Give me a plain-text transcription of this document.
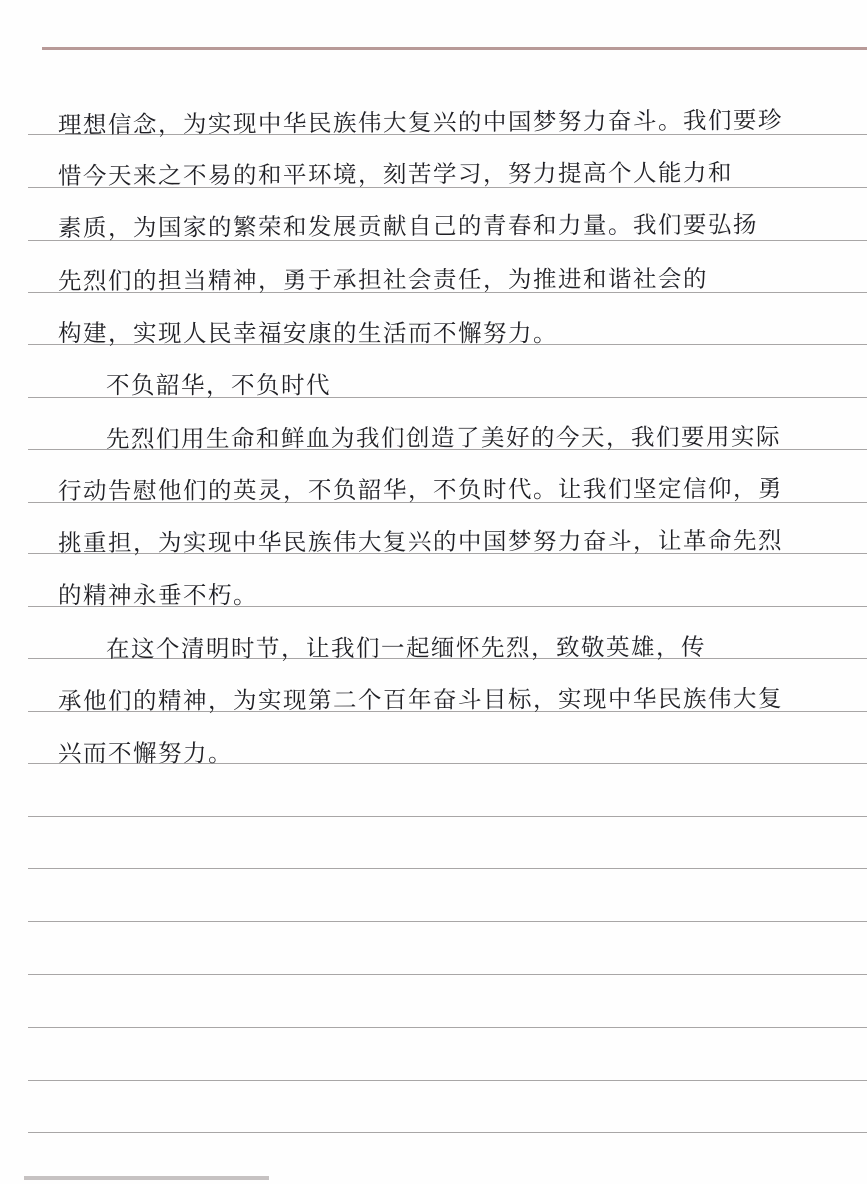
理想信念，为实现中华民族伟大复兴的中国梦努力奋斗。我们要珍
惜今天来之不易的和平环境，刻苦学习，努力提高个人能力和
素质，为国家的繁荣和发展贡献自己的青春和力量。我们要弘扬
先烈们的担当精神，勇于承担社会责任，为推进和谐社会的
构建，实现人民幸福安康的生活而不懈努力。
不负韶华，不负时代
先烈们用生命和鲜血为我们创造了美好的今天，我们要用实际
行动告慰他们的英灵，不负韶华，不负时代。让我们坚定信仰，勇
挑重担，为实现中华民族伟大复兴的中国梦努力奋斗，让革命先烈
的精神永垂不朽。
在这个清明时节，让我们一起缅怀先烈，致敬英雄，传
承他们的精神，为实现第二个百年奋斗目标，实现中华民族伟大复
兴而不懈努力。
